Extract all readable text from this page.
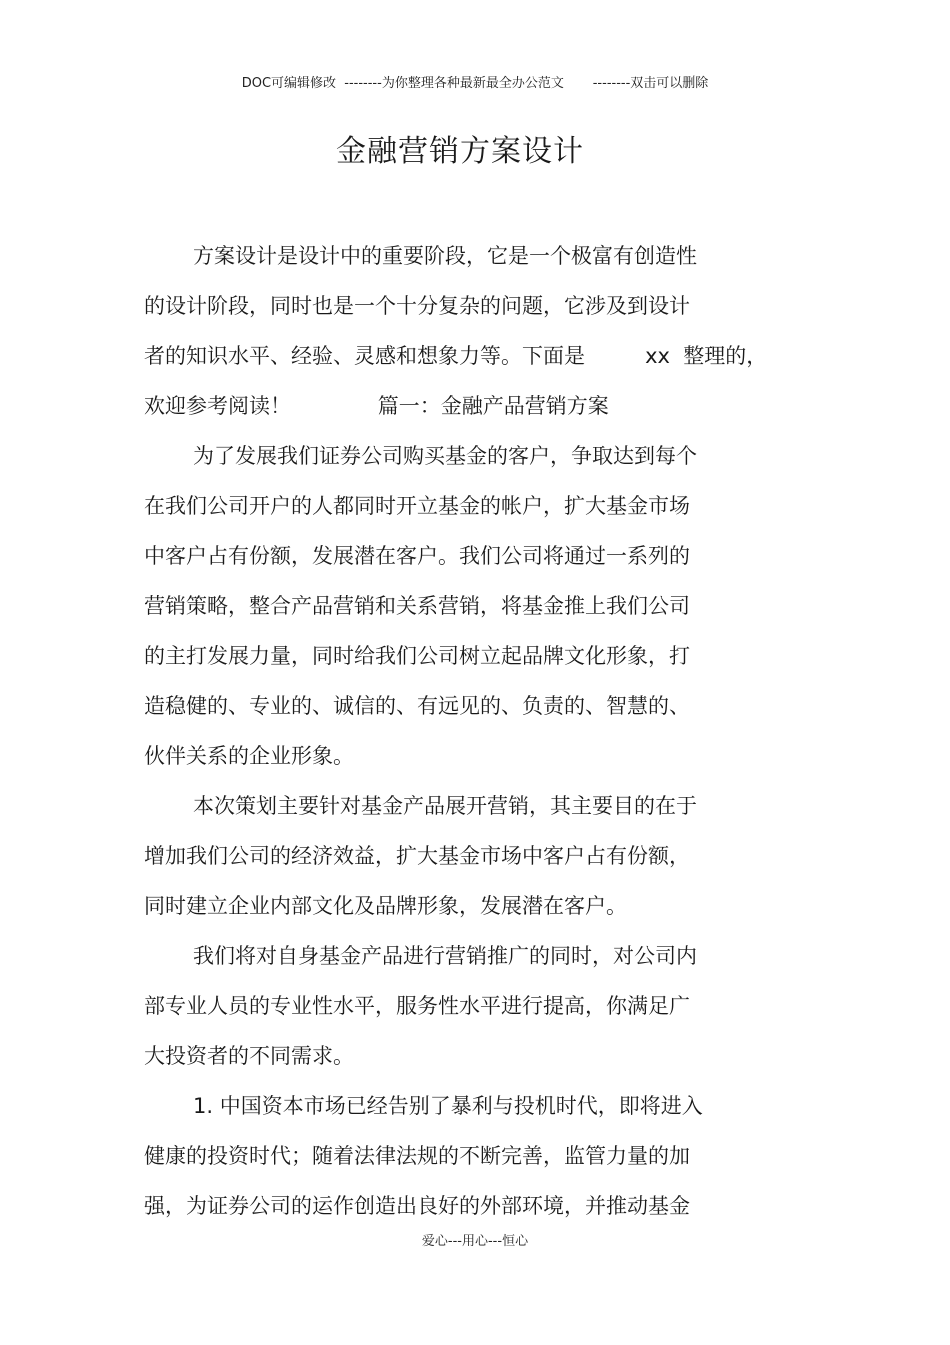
DOC可编辑修改  --------为你整理各种最新最全办公范文       --------双击可以删除
金融营销方案设计
方案设计是设计中的重要阶段，它是一个极富有创造性
的设计阶段，同时也是一个十分复杂的问题，它涉及到设计
者的知识水平、经验、灵感和想象力等。下面是         xx  整理的，
欢迎参考阅读！             篇一：金融产品营销方案
为了发展我们证券公司购买基金的客户，争取达到每个
在我们公司开户的人都同时开立基金的帐户，扩大基金市场
中客户占有份额，发展潜在客户。我们公司将通过一系列的
营销策略，整合产品营销和关系营销，将基金推上我们公司
的主打发展力量，同时给我们公司树立起品牌文化形象，打
造稳健的、专业的、诚信的、有远见的、负责的、智慧的、
伙伴关系的企业形象。
本次策划主要针对基金产品展开营销，其主要目的在于
增加我们公司的经济效益，扩大基金市场中客户占有份额，
同时建立企业内部文化及品牌形象，发展潜在客户。
我们将对自身基金产品进行营销推广的同时，对公司内
部专业人员的专业性水平，服务性水平进行提高，你满足广
大投资者的不同需求。
1. 中国资本市场已经告别了暴利与投机时代，即将进入
健康的投资时代；随着法律法规的不断完善，监管力量的加
强，为证券公司的运作创造出良好的外部环境，并推动基金
爱心---用心---恒心
